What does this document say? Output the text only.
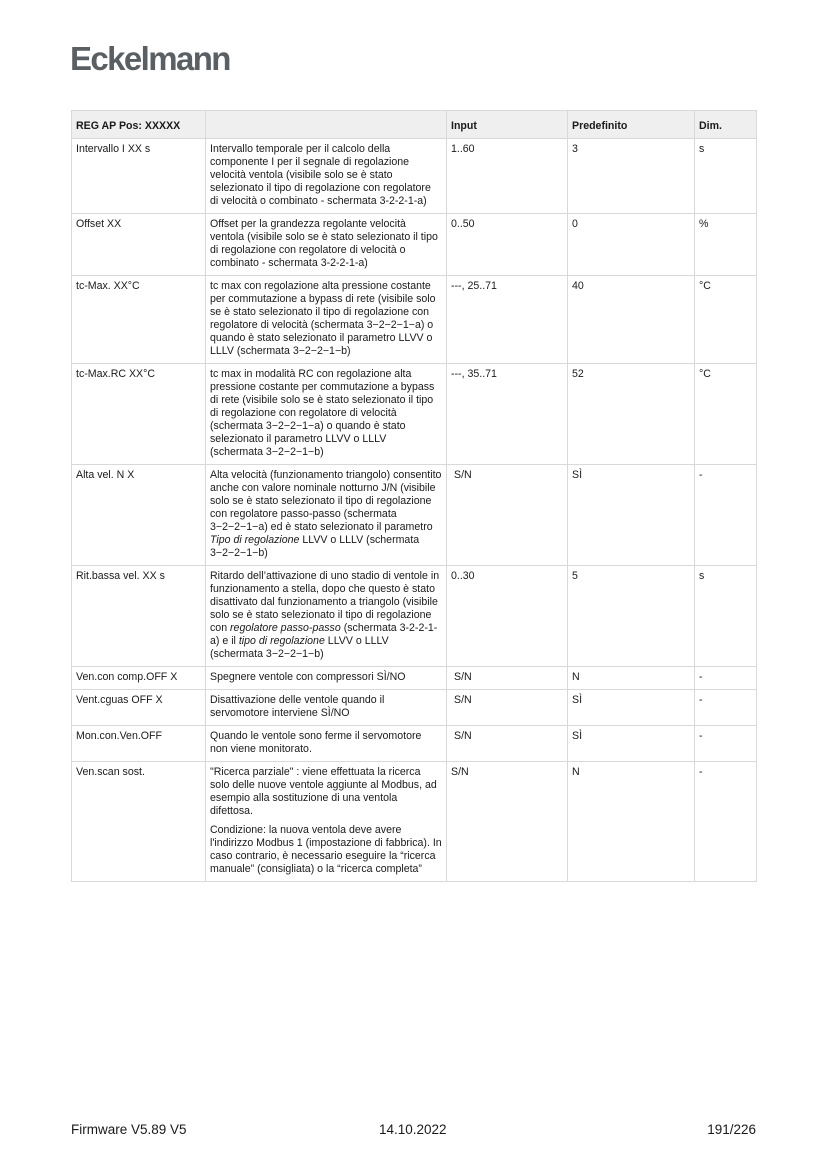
Eckelmann
REG AP Pos: XXXXX		Input	Predefinito	Dim.
Intervallo I XX s	Intervallo temporale per il calcolo della componente I per il segnale di regolazione velocità ventola (visibile solo se è stato selezionato il tipo di regolazione con regolatore di velocità o combinato - schermata 3-2-2-1-a)	1..60	3	s
Offset XX	Offset per la grandezza regolante velocità ventola (visibile solo se è stato selezionato il tipo di regolazione con regolatore di velocità o combinato - schermata 3-2-2-1-a)	0..50	0	%
tc-Max. XX°C	tc max con regolazione alta pressione costante per commutazione a bypass di rete (visibile solo se è stato selezionato il tipo di regolazione con regolatore di velocità (schermata 3−2−2−1−a) o quando è stato selezionato il parametro LLVV o LLLV (schermata 3−2−2−1−b)	---, 25..71	40	°C
tc-Max.RC XX°C	tc max in modalità RC con regolazione alta pressione costante per commutazione a bypass di rete (visibile solo se è stato selezionato il tipo di regolazione con regolatore di velocità (schermata 3−2−2−1−a) o quando è stato selezionato il parametro LLVV o LLLV (schermata 3−2−2−1−b)	---, 35..71	52	°C
Alta vel. N X	Alta velocità (funzionamento triangolo) consentito anche con valore nominale notturno J/N (visibile solo se è stato selezionato il tipo di regolazione con regolatore passo-passo (schermata 3−2−2−1−a) ed è stato selezionato il parametro Tipo di regolazione LLVV o LLLV (schermata 3−2−2−1−b)	S/N	SÌ	-
Rit.bassa vel. XX s	Ritardo dell’attivazione di uno stadio di ventole in funzionamento a stella, dopo che questo è stato disattivato dal funzionamento a triangolo (visibile solo se è stato selezionato il tipo di regolazione con regolatore passo-passo (schermata 3-2-2-1-a) e il tipo di regolazione LLVV o LLLV (schermata 3−2−2−1−b)	0..30	5	s
Ven.con comp.OFF X	Spegnere ventole con compressori SÌ/NO	S/N	N	-
Vent.cguas OFF X	Disattivazione delle ventole quando il servomotore interviene SÌ/NO	S/N	SÌ	-
Mon.con.Ven.OFF	Quando le ventole sono ferme il servomotore non viene monitorato.	S/N	SÌ	-
Ven.scan sost.	"Ricerca parziale" : viene effettuata la ricerca solo delle nuove ventole aggiunte al Modbus, ad esempio alla sostituzione di una ventola difettosa.

Condizione: la nuova ventola deve avere l'indirizzo Modbus 1 (impostazione di fabbrica). In caso contrario, è necessario eseguire la “ricerca manuale” (consigliata) o la “ricerca completa”	S/N	N	-
Firmware V5.89 V5	14.10.2022	191/226
